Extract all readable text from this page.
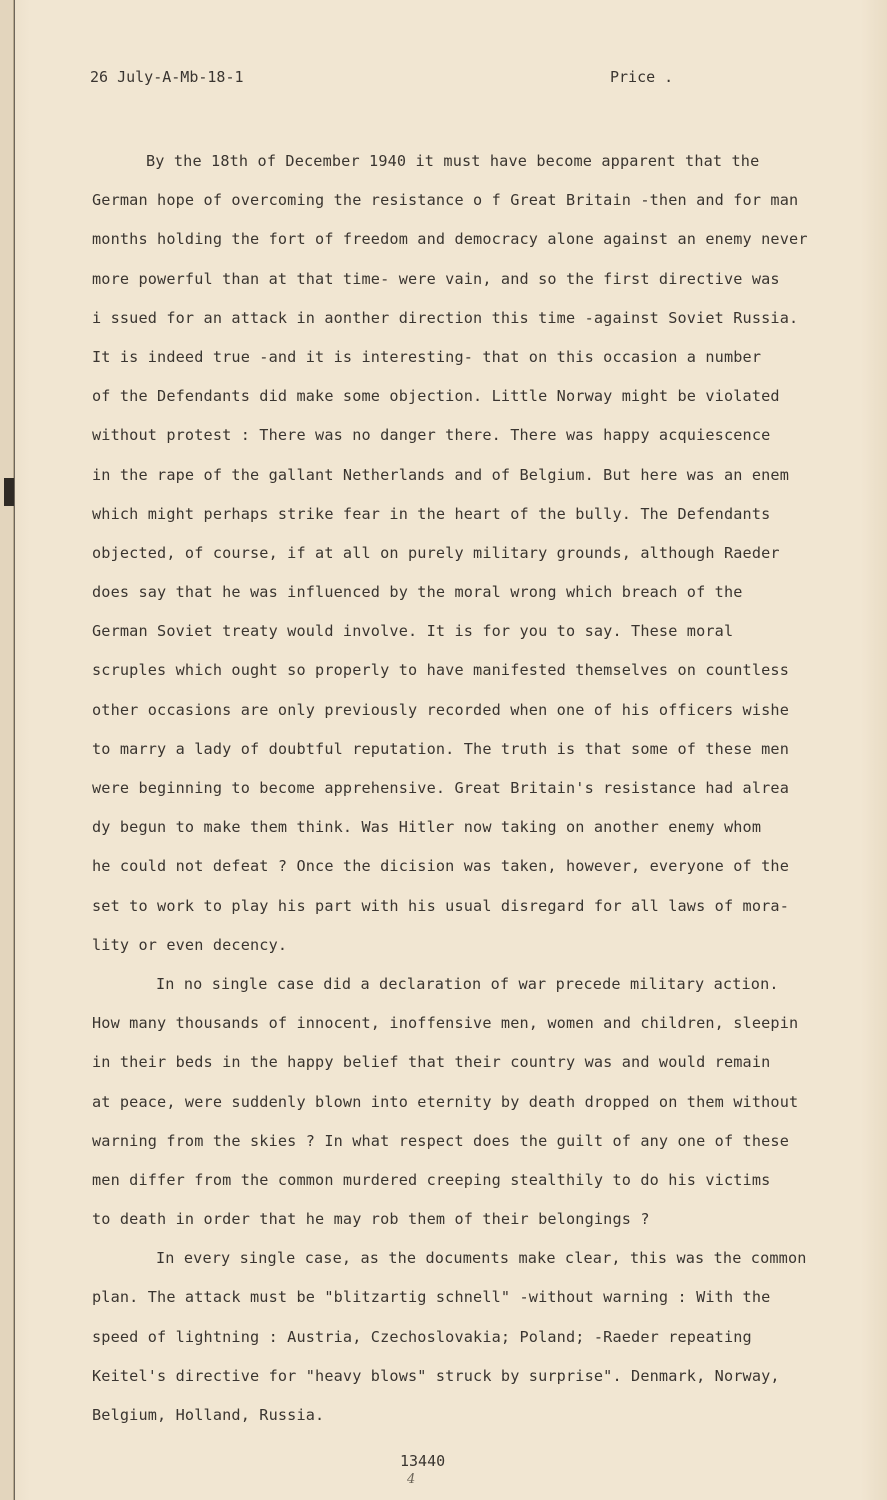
26 July-A-Mb-18-1	Price .
By the 18th of December 1940 it must have become apparent that the
German hope of overcoming the resistance o f Great Britain -then and for man
months holding the fort of freedom and democracy alone against an enemy never
more powerful than at that time- were vain, and so the first directive was
i ssued for an attack in aonther direction this time -against Soviet Russia.
It is indeed true -and it is interesting- that on this occasion a number
of the Defendants did make some objection. Little Norway might be violated
without protest : There was no danger there. There was happy acquiescence
in the rape of the gallant Netherlands and of Belgium. But here was an enem
which might perhaps strike fear in the heart of the bully. The Defendants
objected, of course, if at all on purely military grounds, although Raeder
does say that he was influenced by the moral wrong which breach of the
German Soviet treaty would involve. It is for you to say. These moral
scruples which ought so properly to have manifested themselves on countless
other occasions are only previously recorded when one of his officers wishe
to marry a lady of doubtful reputation. The truth is that some of these men
were beginning to become apprehensive. Great Britain's resistance had alrea
dy begun to make them think. Was Hitler now taking on another enemy whom
he could not defeat ? Once the dicision was taken, however, everyone of the
set to work to play his part with his usual disregard for all laws of mora-
lity or even decency.
In no single case did a declaration of war precede military action.
How many thousands of innocent, inoffensive men, women and children, sleepin
in their beds in the happy belief that their country was and would remain
at peace, were suddenly blown into eternity by death dropped on them without
warning from the skies ? In what respect does the guilt of any one of these
men differ from the common murdered creeping stealthily to do his victims
to death in order that he may rob them of their belongings ?
In every single case, as the documents make clear, this was the common
plan. The attack must be "blitzartig schnell" -without warning : With the
speed of lightning : Austria, Czechoslovakia; Poland; -Raeder repeating
Keitel's directive for "heavy blows" struck by surprise". Denmark, Norway,
Belgium, Holland, Russia.
13440
4
